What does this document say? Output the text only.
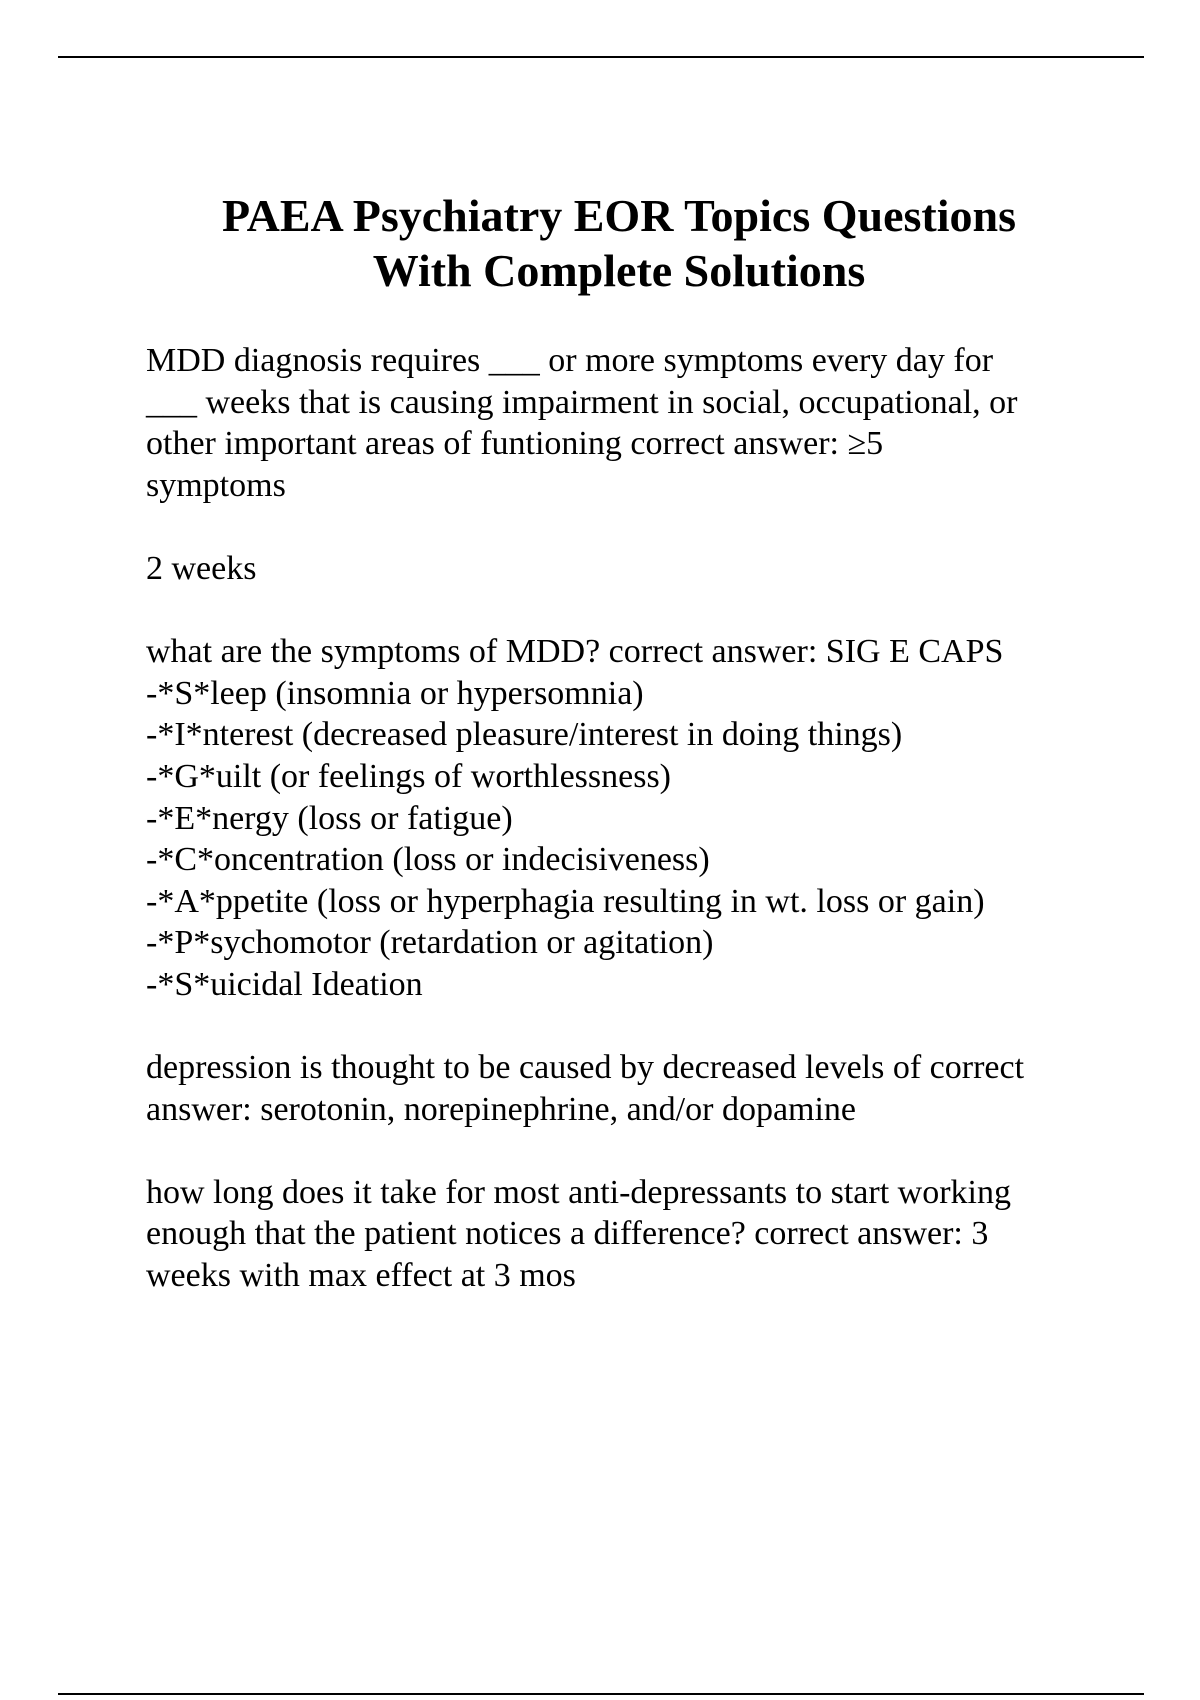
PAEA Psychiatry EOR Topics Questions
With Complete Solutions

MDD diagnosis requires ___ or more symptoms every day for
___ weeks that is causing impairment in social, occupational, or
other important areas of funtioning correct answer: ≥5
symptoms

2 weeks

what are the symptoms of MDD? correct answer: SIG E CAPS
-*S*leep (insomnia or hypersomnia)
-*I*nterest (decreased pleasure/interest in doing things)
-*G*uilt (or feelings of worthlessness)
-*E*nergy (loss or fatigue)
-*C*oncentration (loss or indecisiveness)
-*A*ppetite (loss or hyperphagia resulting in wt. loss or gain)
-*P*sychomotor (retardation or agitation)
-*S*uicidal Ideation

depression is thought to be caused by decreased levels of correct
answer: serotonin, norepinephrine, and/or dopamine

how long does it take for most anti-depressants to start working
enough that the patient notices a difference? correct answer: 3
weeks with max effect at 3 mos
